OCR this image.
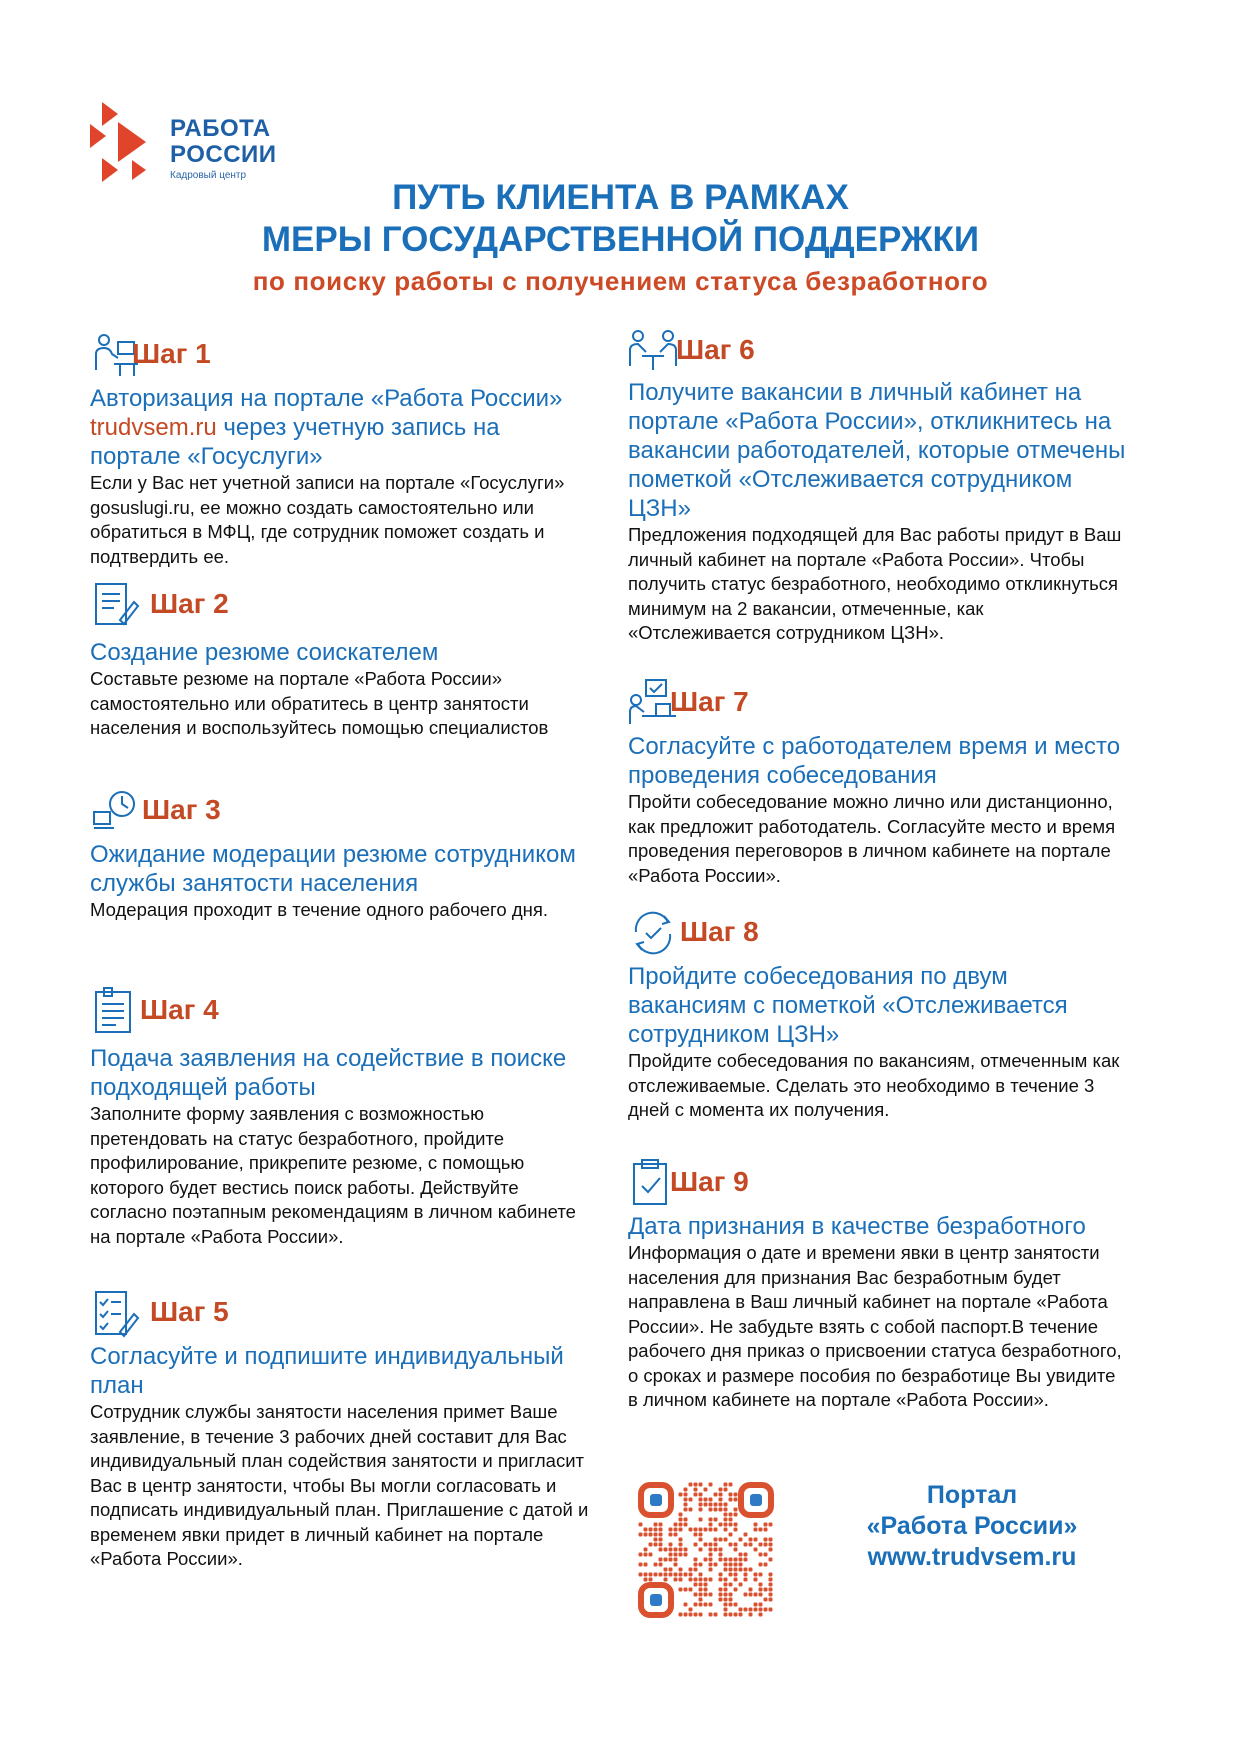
РАБОТА
РОССИИ
Кадровый центр
ПУТЬ КЛИЕНТА В РАМКАХ
МЕРЫ ГОСУДАРСТВЕННОЙ ПОДДЕРЖКИ
по поиску работы с получением статуса безработного
Шаг 1

Авторизация на портале «Работа России» trudvsem.ru через учетную запись на портале «Госуслуги»

Если у Вас нет учетной записи на портале «Госуслуги» gosuslugi.ru, ее можно создать самостоятельно или обратиться в МФЦ, где сотрудник поможет создать и подтвердить ее.

Шаг 2

Создание резюме соискателем

Составьте резюме на портале «Работа России» самостоятельно или обратитесь в центр занятости населения и воспользуйтесь помощью специалистов

Шаг 3

Ожидание модерации резюме сотрудником службы занятости населения

Модерация проходит в течение одного рабочего дня.

Шаг 4

Подача заявления на содействие в поиске подходящей работы

Заполните форму заявления с возможностью претендовать на статус безработного, пройдите профилирование, прикрепите резюме, с помощью которого будет вестись поиск работы. Действуйте согласно поэтапным рекомендациям в личном кабинете на портале «Работа России».

Шаг 5

Согласуйте и подпишите индивидуальный план

Сотрудник службы занятости населения примет Ваше заявление, в течение 3 рабочих дней составит для Вас индивидуальный план содействия занятости и пригласит Вас в центр занятости, чтобы Вы могли согласовать и подписать индивидуальный план. Приглашение с датой и временем явки придет в личный кабинет на портале «Работа России».

Шаг 6

Получите вакансии в личный кабинет на портале «Работа России», откликнитесь на вакансии работодателей, которые отмечены пометкой «Отслеживается сотрудником ЦЗН»

Предложения подходящей для Вас работы придут в Ваш личный кабинет на портале «Работа России». Чтобы получить статус безработного, необходимо откликнуться минимум на 2 вакансии, отмеченные, как «Отслеживается сотрудником ЦЗН».

Шаг 7

Согласуйте с работодателем время и место проведения собеседования

Пройти собеседование можно лично или дистанционно, как предложит работодатель. Согласуйте место и время проведения переговоров в личном кабинете на портале «Работа России».

Шаг 8

Пройдите собеседования по двум вакансиям с пометкой «Отслеживается сотрудником ЦЗН»

Пройдите собеседования по вакансиям, отмеченным как отслеживаемые. Сделать это необходимо в течение 3 дней с момента их получения.

Шаг 9

Дата признания в качестве безработного

Информация о дате и времени явки в центр занятости населения для признания Вас безработным будет направлена в Ваш личный кабинет на портале «Работа России». Не забудьте взять с собой паспорт.В течение рабочего дня приказ о присвоении статуса безработного, о сроках и размере пособия по безработице Вы увидите в личном кабинете на портале «Работа России».

Портал
«Работа России»
www.trudvsem.ru
